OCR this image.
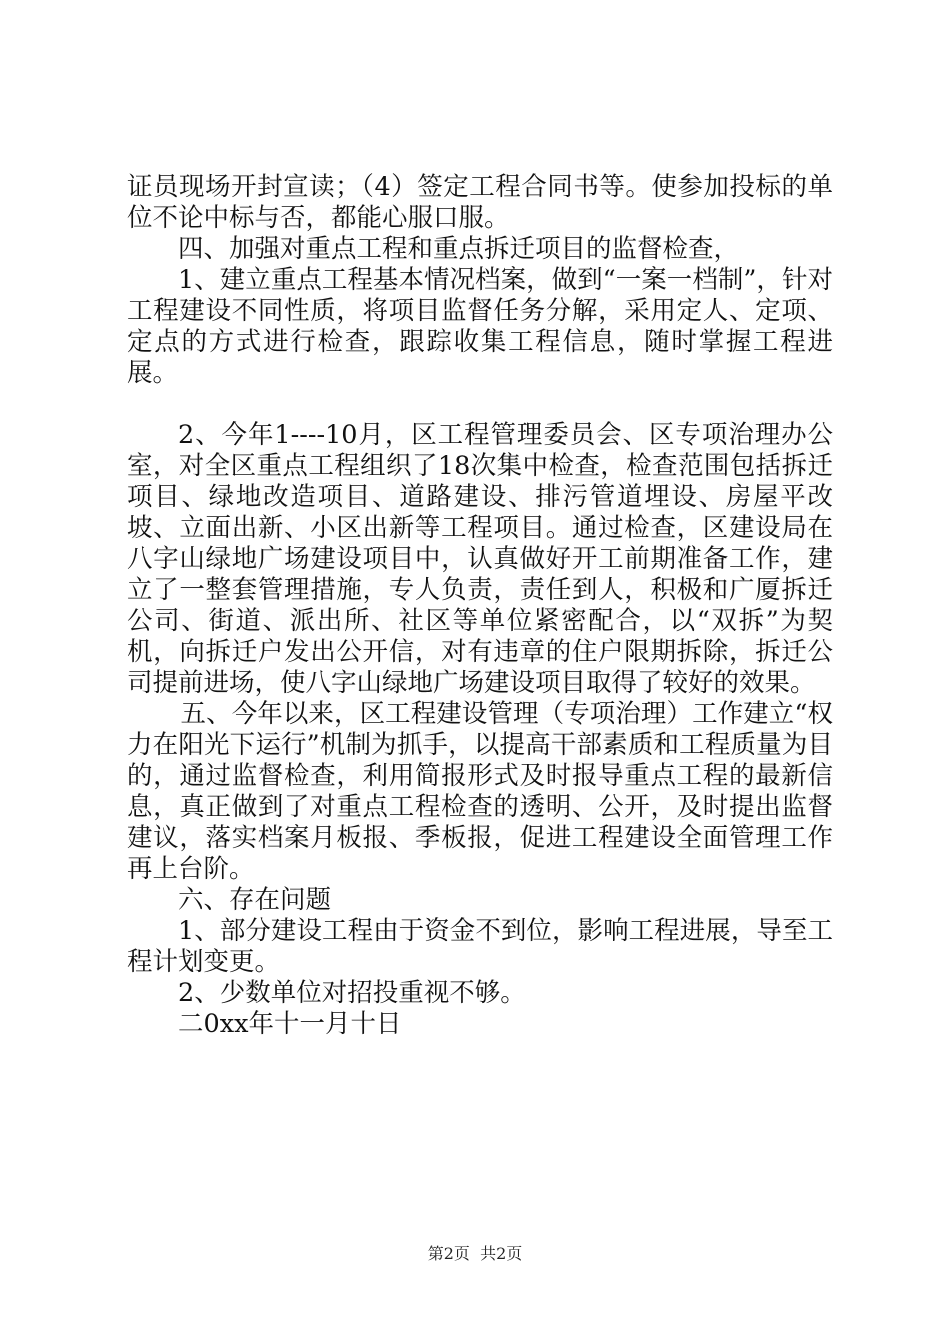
证员现场开封宣读；（4）签定工程合同书等。使参加投标的单位不论中标与否，都能心服口服。

四、加强对重点工程和重点拆迁项目的监督检查，

1、建立重点工程基本情况档案，做到“一案一档制”，针对工程建设不同性质，将项目监督任务分解，采用定人、定项、定点的方式进行检查，跟踪收集工程信息，随时掌握工程进展。

2、今年1----10月，区工程管理委员会、区专项治理办公室，对全区重点工程组织了18次集中检查，检查范围包括拆迁项目、绿地改造项目、道路建设、排污管道埋设、房屋平改坡、立面出新、小区出新等工程项目。通过检查，区建设局在八字山绿地广场建设项目中，认真做好开工前期准备工作，建立了一整套管理措施，专人负责，责任到人，积极和广厦拆迁公司、街道、派出所、社区等单位紧密配合，以“双拆”为契机，向拆迁户发出公开信，对有违章的住户限期拆除，拆迁公司提前进场，使八字山绿地广场建设项目取得了较好的效果。

五、今年以来，区工程建设管理（专项治理）工作建立“权力在阳光下运行”机制为抓手，以提高干部素质和工程质量为目的，通过监督检查，利用简报形式及时报导重点工程的最新信息，真正做到了对重点工程检查的透明、公开，及时提出监督建议，落实档案月板报、季板报，促进工程建设全面管理工作再上台阶。

六、存在问题

1、部分建设工程由于资金不到位，影响工程进展，导至工程计划变更。

2、少数单位对招投重视不够。

二0xx年十一月十日

第2页  共2页
